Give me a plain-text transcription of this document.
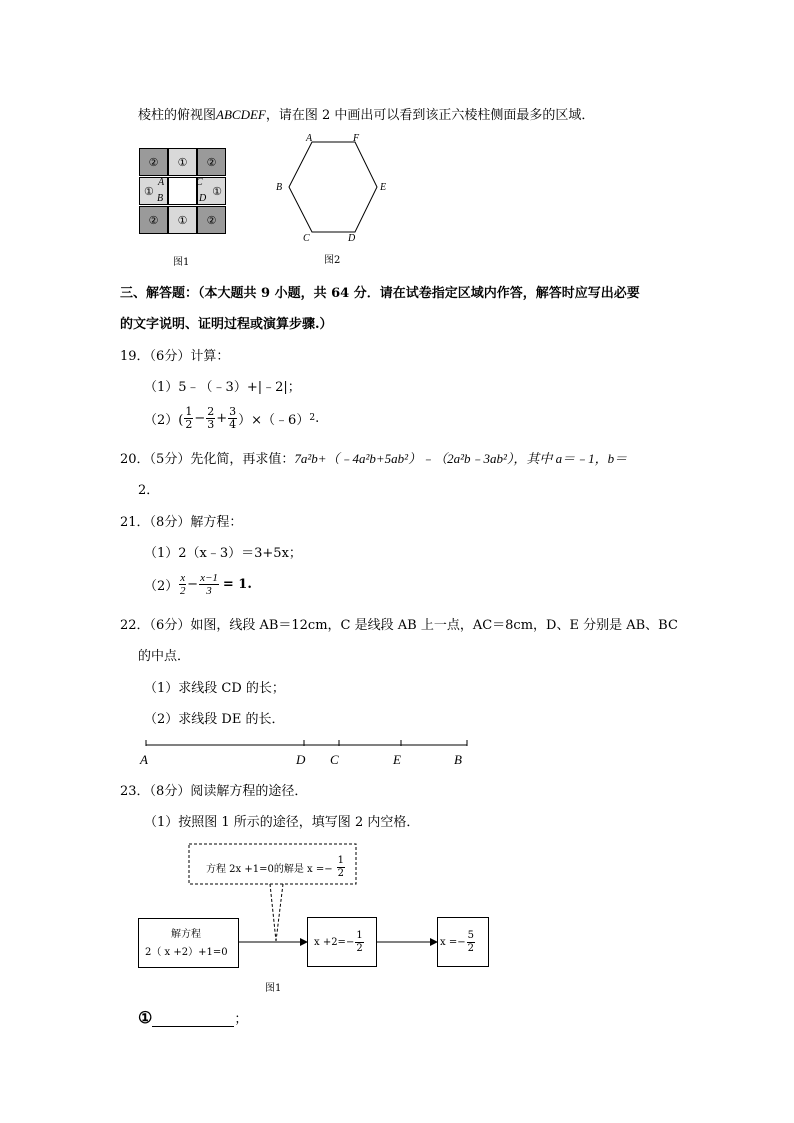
棱柱的俯视图ABCDEF，请在图 2 中画出可以看到该正六棱柱侧面最多的区域．
②	①	②
①	①
②	①	②
A
B
C
D
图1
A	F
E
D
C
B
图2
三、解答题：（本大题共 9 小题，共 64 分．请在试卷指定区域内作答，解答时应写出必要
的文字说明、证明过程或演算步骤.）
19．（6分）计算：
（1）5﹣（﹣3）+|﹣2|；
$(2)( \frac{1}{2} - \frac{2}{3} + \frac{3}{4}$ ）×（﹣6） 2 .
20．（5分）先化简，再求值：7a²b+（﹣4a²b+5ab²）﹣（2a²b﹣3ab²），其中 a＝﹣1，b＝
2．
21．（8分）解方程：
（1）2（x﹣3）＝3+5x；
$(2) \frac{x}{2} - \frac{x-1}{3} = 1$.
22．（6分）如图，线段 AB＝12cm，C 是线段 AB 上一点，AC＝8cm，D、E 分别是 AB、BC
的中点．
（1）求线段 CD 的长；
（2）求线段 DE 的长．
A	D C	E	B
23．（8分）阅读解方程的途径．
（1）按照图 1 所示的途径，填写图 2 内空格．
方程 2x +1=0的解是 $x =- \frac{1}{2}$
解方程
2（ x +2）+1=0
$x +2=- \frac{1}{2}$	$x =- \frac{5}{2}$
图1
①	；
